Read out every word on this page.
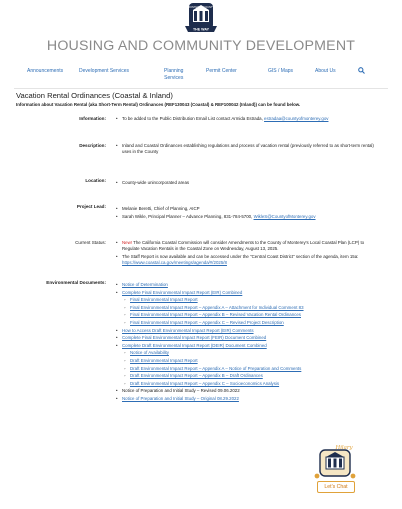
THE WAY
MONTEREY COUNTY
HOUSING AND COMMUNITY DEVELOPMENT
Announcements	Development Services	Planning
Services
Permit Center	GIS / Maps	About Us
Vacation Rental Ordinances (Coastal & Inland)
Information about Vacation Rental (aka Short-Term Rental) Ordinances (REF130043 (Coastal) & REF100042 (Inland)) can be found below.
Information:	• To be added to the Public Distribution Email List contact Armida Estrada, estradaa@countyofmonterey.gov
Description:	• Inland and Coastal Ordinances establishing regulations and process of vacation rental (previously referred to as short-term rental) uses in the County
Location:	• County-wide unincorporated areas
Project Lead:	• Melanie Beretti, Chief of Planning, AICP
• Sarah Wikle, Principal Planner – Advance Planning, 831-784-5700, WikleS@CountyofMonterey.gov
Current Status:	• New! The California Coastal Commission will consider Amendments to the County of Monterey's Local Coastal Plan (LCP) to Regulate Vacation Rentals in the Coastal Zone on Wednesday, August 13, 2025.
• The Staff Report is now available and can be accessed under the "Central Coast District" section of the agenda, item 15a: https://www.coastal.ca.gov/meetings/agenda/#/2025/8
Environmental Documents:	• Notice of Determination
• Complete Final Environmental Impact Report (EIR) Combined
◦ Final Environmental Impact Report
◦ Final Environmental Impact Report – Appendix A – Attachment for Individual Comment 83
◦ Final Environmental Impact Report – Appendix B – Revised Vacation Rental Ordinances
◦ Final Environmental Impact Report – Appendix C – Revised Project Description
• How to Access Draft Environmental Impact Report (EIR) Comments
• Complete Final Environmental Impact Report (FEIR) Document Combined
• Complete Draft Environmental Impact Report (DEIR) Document Combined
◦ Notice of Availability
◦ Draft Environmental Impact Report
◦ Draft Environmental Impact Report – Appendix A – Notice of Preparation and Comments
◦ Draft Environmental Impact Report – Appendix B – Draft Ordinances
◦ Draft Environmental Impact Report – Appendix C – Socioeconomics Analysis
• Notice of Preparation and Initial Study – Revised 09.06.2022
• Notice of Preparation and Initial Study – Original 08.29.2022
Hilary
Let's Chat
